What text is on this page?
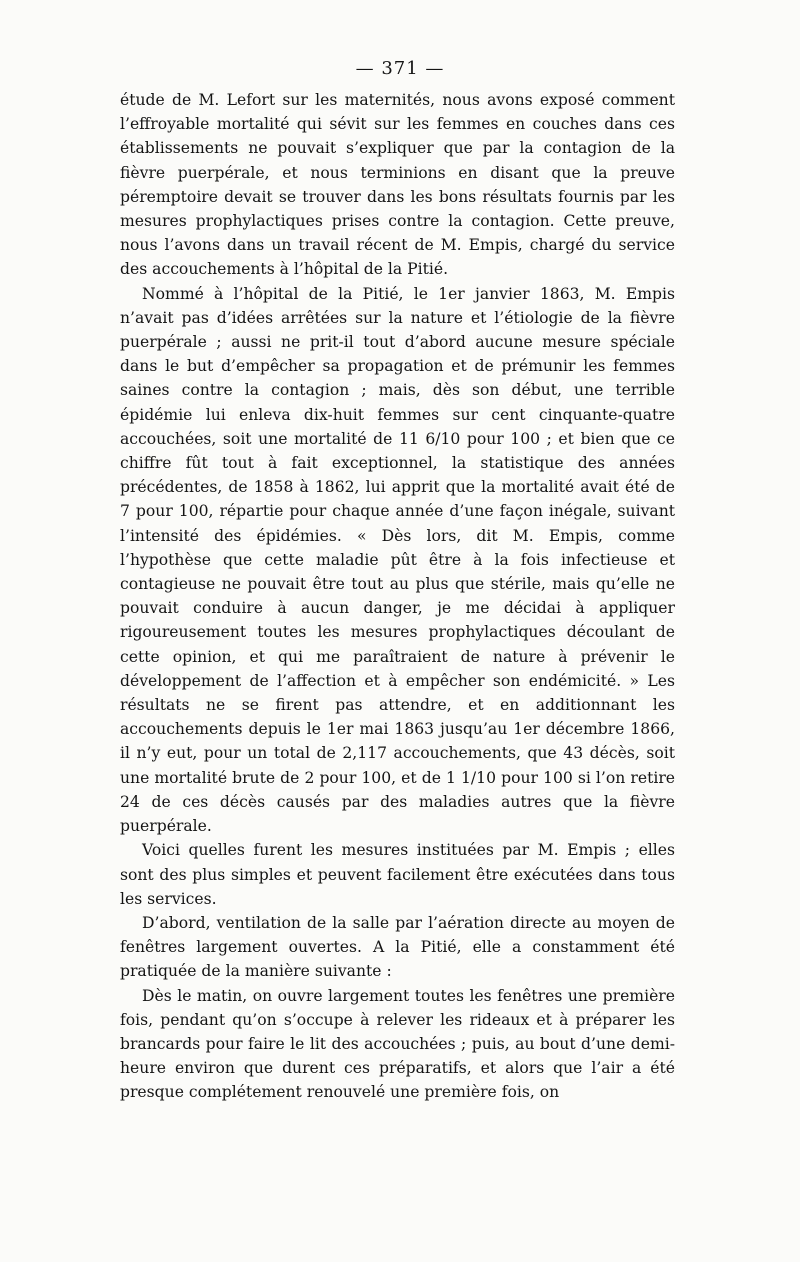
— 371 —

étude de M. Lefort sur les maternités, nous avons exposé comment l’effroyable mortalité qui sévit sur les femmes en couches dans ces établissements ne pouvait s’expliquer que par la contagion de la fièvre puerpérale, et nous terminions en disant que la preuve péremptoire devait se trouver dans les bons résultats fournis par les mesures prophylactiques prises contre la contagion. Cette preuve, nous l’avons dans un travail récent de M. Empis, chargé du service des accouchements à l’hôpital de la Pitié.

Nommé à l’hôpital de la Pitié, le 1er janvier 1863, M. Empis n’avait pas d’idées arrêtées sur la nature et l’étiologie de la fièvre puerpérale ; aussi ne prit-il tout d’abord aucune mesure spéciale dans le but d’empêcher sa propagation et de prémunir les femmes saines contre la contagion ; mais, dès son début, une terrible épidémie lui enleva dix-huit femmes sur cent cinquante-quatre accouchées, soit une mortalité de 11 6/10 pour 100 ; et bien que ce chiffre fût tout à fait exceptionnel, la statistique des années précédentes, de 1858 à 1862, lui apprit que la mortalité avait été de 7 pour 100, répartie pour chaque année d’une façon inégale, suivant l’intensité des épidémies. « Dès lors, dit M. Empis, comme l’hypothèse que cette maladie pût être à la fois infectieuse et contagieuse ne pouvait être tout au plus que stérile, mais qu’elle ne pouvait conduire à aucun danger, je me décidai à appliquer rigoureusement toutes les mesures prophylactiques découlant de cette opinion, et qui me paraîtraient de nature à prévenir le développement de l’affection et à empêcher son endémicité. » Les résultats ne se firent pas attendre, et en additionnant les accouchements depuis le 1er mai 1863 jusqu’au 1er décembre 1866, il n’y eut, pour un total de 2,117 accouchements, que 43 décès, soit une mortalité brute de 2 pour 100, et de 1 1/10 pour 100 si l’on retire 24 de ces décès causés par des maladies autres que la fièvre puerpérale.

Voici quelles furent les mesures instituées par M. Empis ; elles sont des plus simples et peuvent facilement être exécutées dans tous les services.

D’abord, ventilation de la salle par l’aération directe au moyen de fenêtres largement ouvertes. A la Pitié, elle a constamment été pratiquée de la manière suivante :

Dès le matin, on ouvre largement toutes les fenêtres une première fois, pendant qu’on s’occupe à relever les rideaux et à préparer les brancards pour faire le lit des accouchées ; puis, au bout d’une demi-heure environ que durent ces préparatifs, et alors que l’air a été presque complétement renouvelé une première fois, on
